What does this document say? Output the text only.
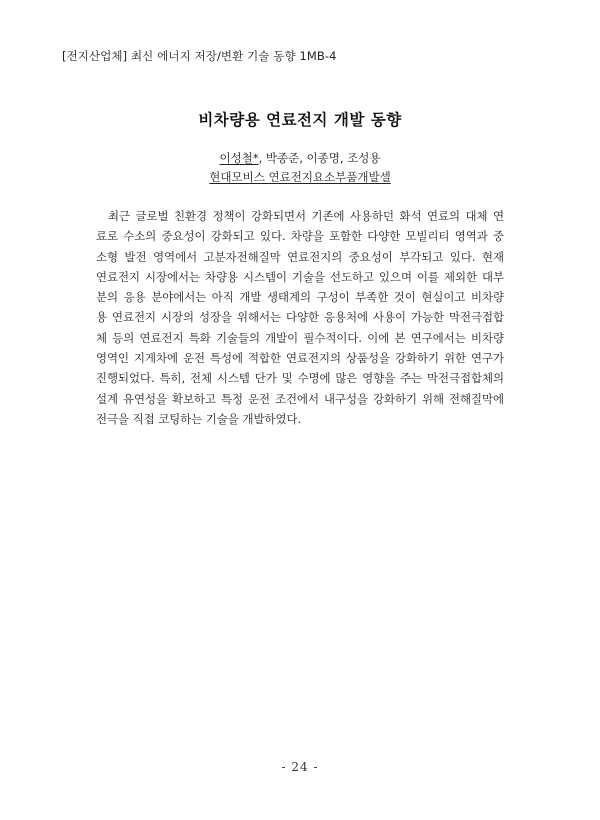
[전지산업체] 최신 에너지 저장/변환 기술 동향 1MB-4
비차량용 연료전지 개발 동향
이성철*, 박종준, 이종명, 조성용
현대모비스 연료전지요소부품개발셀
최근 글로벌 친환경 정책이 강화되면서 기존에 사용하던 화석 연료의 대체 연
료로 수소의 중요성이 강화되고 있다. 차량을 포함한 다양한 모빌리티 영역과 중
소형 발전 영역에서 고분자전해질막 연료전지의 중요성이 부각되고 있다. 현재
연료전지 시장에서는 차량용 시스템이 기술을 선도하고 있으며 이를 제외한 대부
분의 응용 분야에서는 아직 개발 생태계의 구성이 부족한 것이 현실이고 비차량
용 연료전지 시장의 성장을 위해서는 다양한 응용처에 사용이 가능한 막전극접합
체 등의 연료전지 특화 기술들의 개발이 필수적이다. 이에 본 연구에서는 비차량
영역인 지게차에 운전 특성에 적합한 연료전지의 상품성을 강화하기 위한 연구가
진행되었다. 특히, 전체 시스템 단가 및 수명에 많은 영향을 주는 막전극접합체의
설계 유연성을 확보하고 특정 운전 조건에서 내구성을 강화하기 위해 전해질막에
전극을 직접 코팅하는 기술을 개발하였다.
- 24 -
